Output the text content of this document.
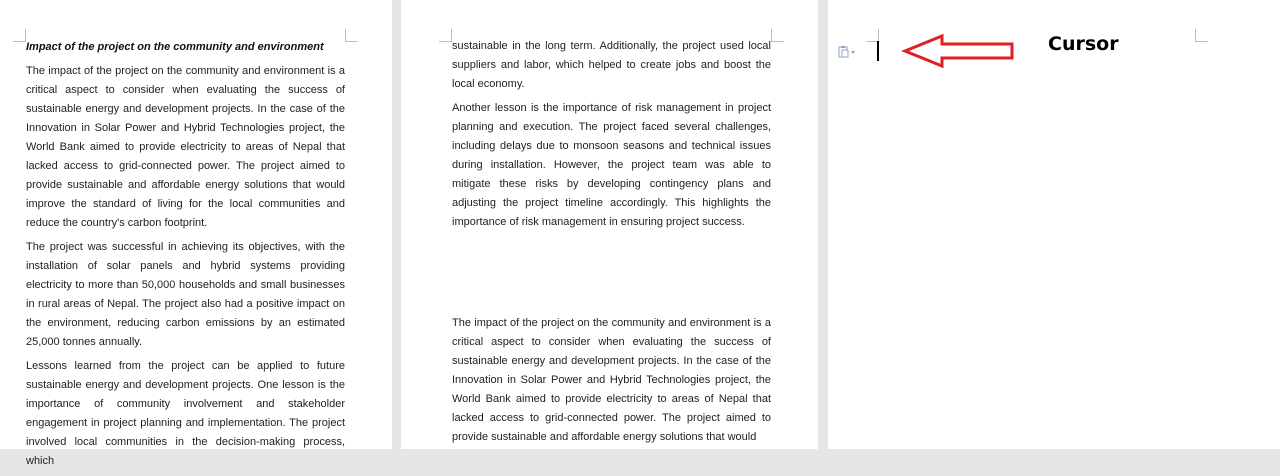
Impact of the project on the community and environment

The impact of the project on the community and environment is a critical aspect to consider when evaluating the success of sustainable energy and development projects. In the case of the Innovation in Solar Power and Hybrid Technologies project, the World Bank aimed to provide electricity to areas of Nepal that lacked access to grid-connected power. The project aimed to provide sustainable and affordable energy solutions that would improve the standard of living for the local communities and reduce the country's carbon footprint.

The project was successful in achieving its objectives, with the installation of solar panels and hybrid systems providing electricity to more than 50,000 households and small businesses in rural areas of Nepal. The project also had a positive impact on the environment, reducing carbon emissions by an estimated 25,000 tonnes annually.

Lessons learned from the project can be applied to future sustainable energy and development projects. One lesson is the importance of community involvement and stakeholder engagement in project planning and implementation. The project involved local communities in the decision-making process, which

sustainable in the long term. Additionally, the project used local suppliers and labor, which helped to create jobs and boost the local economy.

Another lesson is the importance of risk management in project planning and execution. The project faced several challenges, including delays due to monsoon seasons and technical issues during installation. However, the project team was able to mitigate these risks by developing contingency plans and adjusting the project timeline accordingly. This highlights the importance of risk management in ensuring project success.

The impact of the project on the community and environment is a critical aspect to consider when evaluating the success of sustainable energy and development projects. In the case of the Innovation in Solar Power and Hybrid Technologies project, the World Bank aimed to provide electricity to areas of Nepal that lacked access to grid-connected power. The project aimed to provide sustainable and affordable energy solutions that would

Cursor
